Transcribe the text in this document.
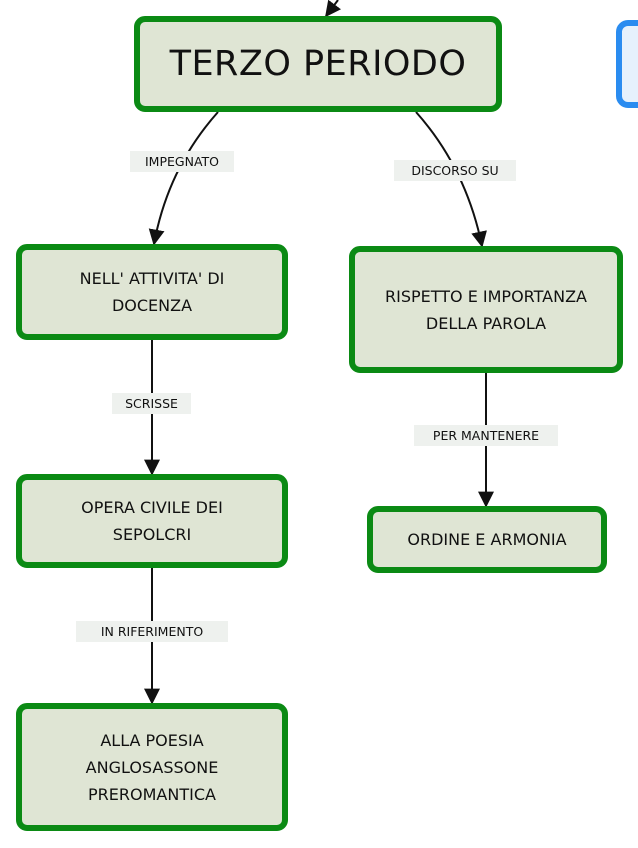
TERZO PERIODO
IMPEGNATO
DISCORSO SU
NELL' ATTIVITA' DI DOCENZA	RISPETTO E IMPORTANZA DELLA PAROLA
SCRISSE
PER MANTENERE
OPERA CIVILE DEI SEPOLCRI	ORDINE E ARMONIA
IN RIFERIMENTO
ALLA POESIA ANGLOSASSONE PREROMANTICA
